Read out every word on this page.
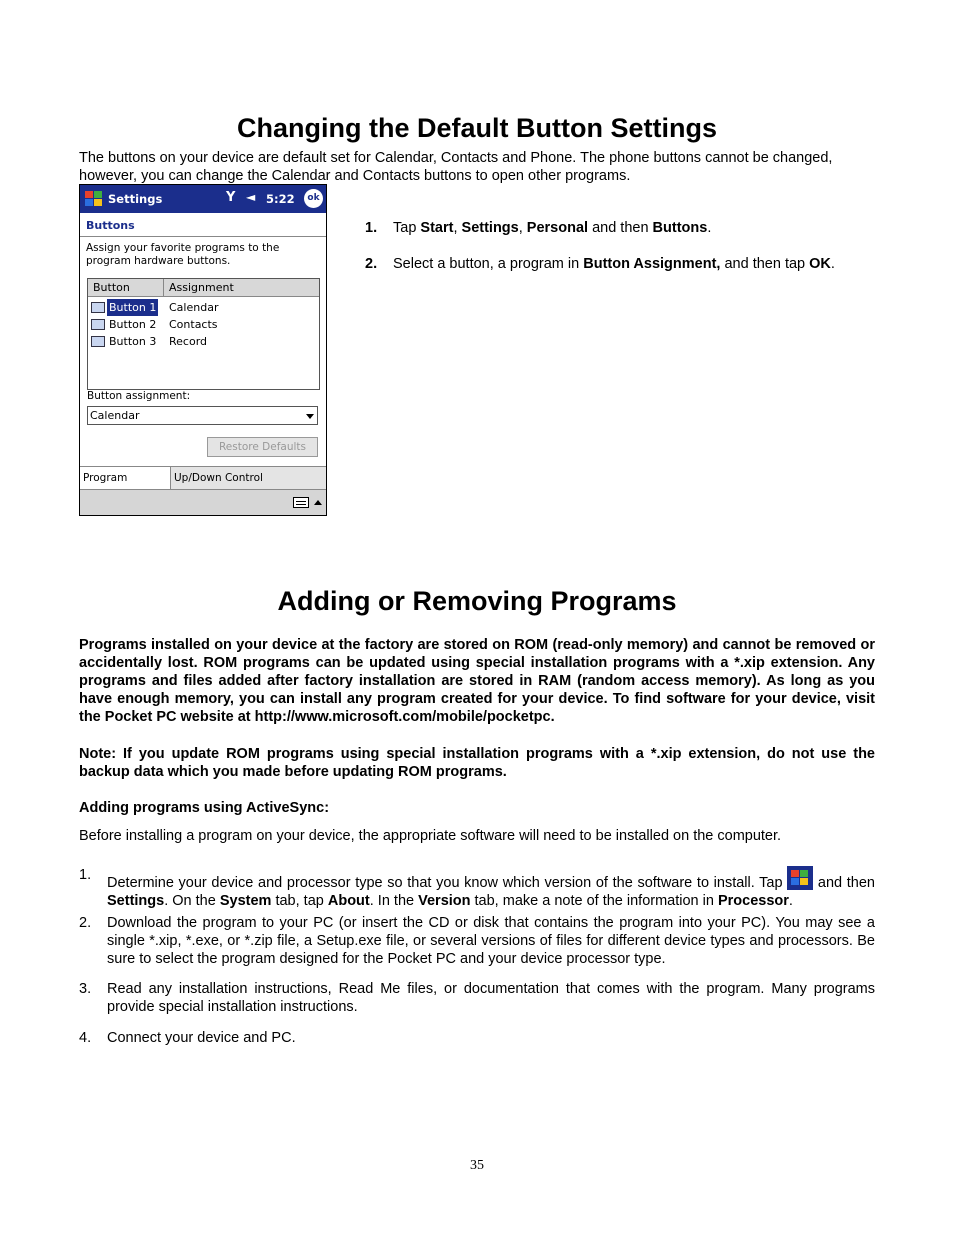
Changing the Default Button Settings
The buttons on your device are default set for Calendar, Contacts and Phone. The phone buttons cannot be changed, however, you can change the Calendar and Contacts buttons to open other programs.
Settings	Y ◄ 5:22	ok
Buttons
Assign your favorite programs to the program hardware buttons.
Button	Assignment
Button 1 Calendar
Button 2 Contacts
Button 3 Record
Button assignment:
Calendar
Restore Defaults
Program	Up/Down Control
1. Tap Start, Settings, Personal and then Buttons.
2. Select a button, a program in Button Assignment, and then tap OK.
Adding or Removing Programs
Programs installed on your device at the factory are stored on ROM (read-only memory) and cannot be removed or accidentally lost. ROM programs can be updated using special installation programs with a *.xip extension. Any programs and files added after factory installation are stored in RAM (random access memory). As long as you have enough memory, you can install any program created for your device. To find software for your device, visit the Pocket PC website at http://www.microsoft.com/mobile/pocketpc.
Note: If you update ROM programs using special installation programs with a *.xip extension, do not use the backup data which you made before updating ROM programs.
Adding programs using ActiveSync:
Before installing a program on your device, the appropriate software will need to be installed on the computer.
1. Determine your device and processor type so that you know which version of the software to install. Tap  and then Settings. On the System tab, tap About. In the Version tab, make a note of the information in Processor.
2. Download the program to your PC (or insert the CD or disk that contains the program into your PC). You may see a single *.xip, *.exe, or *.zip file, a Setup.exe file, or several versions of files for different device types and processors. Be sure to select the program designed for the Pocket PC and your device processor type.
3. Read any installation instructions, Read Me files, or documentation that comes with the program. Many programs provide special installation instructions.
4. Connect your device and PC.
35
